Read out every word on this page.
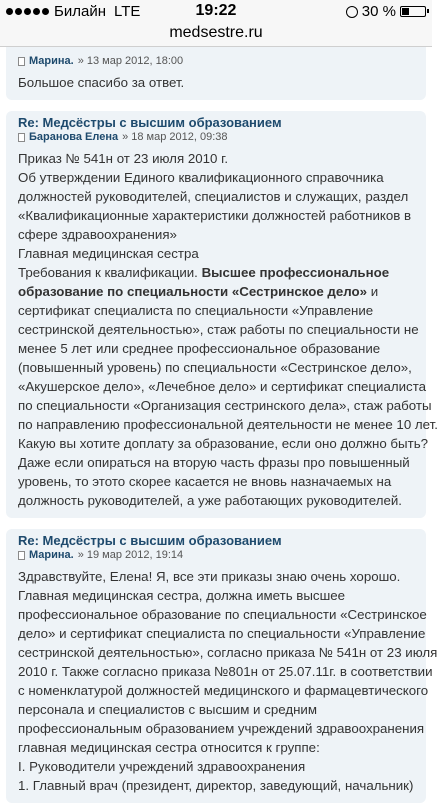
Билайн LTE	19:22	30 %
medsestre.ru
Марина. » 13 мар 2012, 18:00
Большое спасибо за ответ.
Re: Медсёстры с высшим образованием
Баранова Елена » 18 мар 2012, 09:38
Приказ № 541н от 23 июля 2010 г.
Об утверждении Единого квалификационного справочника
должностей руководителей, специалистов и служащих, раздел
«Квалификационные характеристики должностей работников в
сфере здравоохранения»
Главная медицинская сестра
Требования к квалификации. Высшее профессиональное
образование по специальности «Сестринское дело» и
сертификат специалиста по специальности «Управление
сестринской деятельностью», стаж работы по специальности не
менее 5 лет или среднее профессиональное образование
(повышенный уровень) по специальности «Сестринское дело»,
«Акушерское дело», «Лечебное дело» и сертификат специалиста
по специальности «Организация сестринского дела», стаж работы
по направлению профессиональной деятельности не менее 10 лет.
Какую вы хотите доплату за образование, если оно должно быть?
Даже если опираться на вторую часть фразы про повышенный
уровень, то этото скорее касается не вновь назначаемых на
должность руководителей, а уже работающих руководителей.
Re: Медсёстры с высшим образованием
Марина. » 19 мар 2012, 19:14
Здравствуйте, Елена! Я, все эти приказы знаю очень хорошо.
Главная медицинская сестра, должна иметь высшее
профессиональное образование по специальности «Сестринское
дело» и сертификат специалиста по специальности «Управление
сестринской деятельностью», согласно приказа № 541н от 23 июля
2010 г. Также согласно приказа №801н от 25.07.11г. в соответствии
с номенклатурой должностей медицинского и фармацевтического
персонала и специалистов с высшим и средним
профессиональным образованием учреждений здравоохранения
главная медицинская сестра относится к группе:
I. Руководители учреждений здравоохранения
1. Главный врач (президент, директор, заведующий, начальник)
